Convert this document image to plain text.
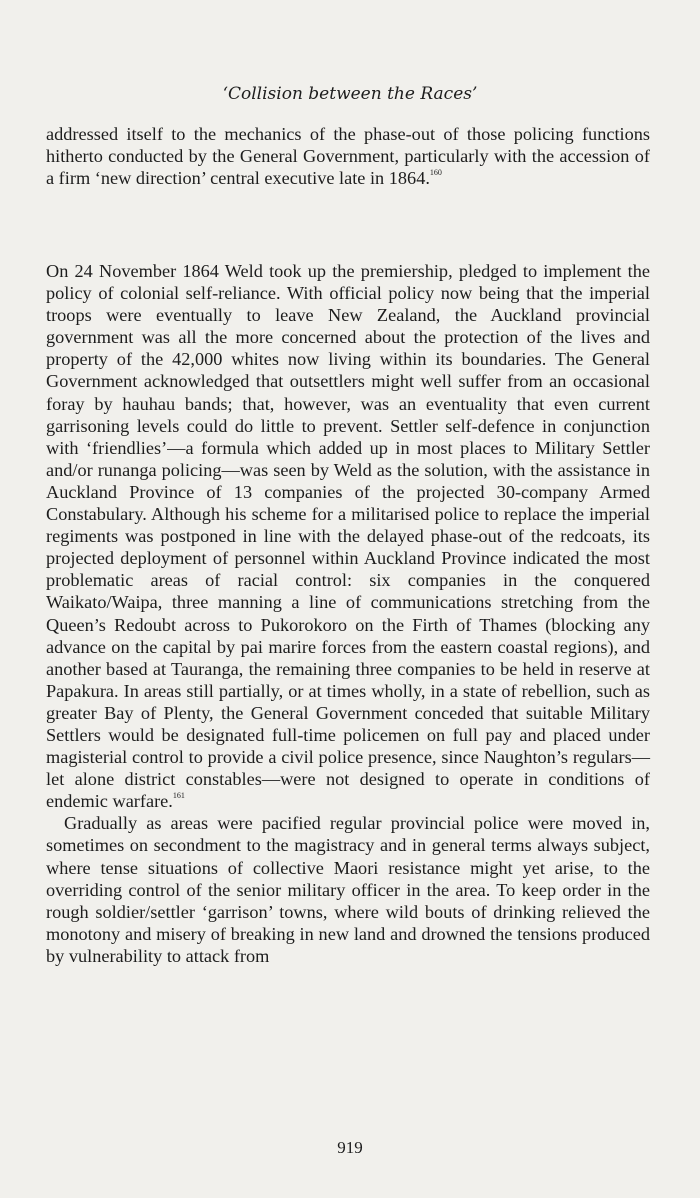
‘Collision between the Races’

addressed itself to the mechanics of the phase-out of those policing functions hitherto conducted by the General Government, particularly with the accession of a firm ‘new direction’ central executive late in 1864.$^{160}$

On 24 November 1864 Weld took up the premiership, pledged to implement the policy of colonial self-reliance. With official policy now being that the imperial troops were eventually to leave New Zealand, the Auckland provincial government was all the more concerned about the protection of the lives and property of the 42,000 whites now living within its boundaries. The General Government acknowledged that outsettlers might well suffer from an occasional foray by hauhau bands; that, however, was an eventuality that even current garrisoning levels could do little to prevent. Settler self-defence in conjunction with ‘friendlies’—a formula which added up in most places to Military Settler and/or runanga policing—was seen by Weld as the solution, with the assistance in Auckland Province of 13 companies of the projected 30-company Armed Constabulary. Although his scheme for a militarised police to replace the imperial regiments was postponed in line with the delayed phase-out of the redcoats, its projected deployment of personnel within Auckland Province indicated the most problematic areas of racial control: six companies in the conquered Waikato/Waipa, three manning a line of communications stretching from the Queen’s Redoubt across to Pukorokoro on the Firth of Thames (blocking any advance on the capital by pai marire forces from the eastern coastal regions), and another based at Tauranga, the remaining three companies to be held in reserve at Papakura. In areas still partially, or at times wholly, in a state of rebellion, such as greater Bay of Plenty, the General Government conceded that suitable Military Settlers would be designated full-time policemen on full pay and placed under magisterial control to provide a civil police presence, since Naughton’s regulars—let alone district constables—were not designed to operate in conditions of endemic warfare.$^{161}$

Gradually as areas were pacified regular provincial police were moved in, sometimes on secondment to the magistracy and in general terms always subject, where tense situations of collective Maori resistance might yet arise, to the overriding control of the senior military officer in the area. To keep order in the rough soldier/settler ‘garrison’ towns, where wild bouts of drinking relieved the monotony and misery of breaking in new land and drowned the tensions produced by vulnerability to attack from

919
